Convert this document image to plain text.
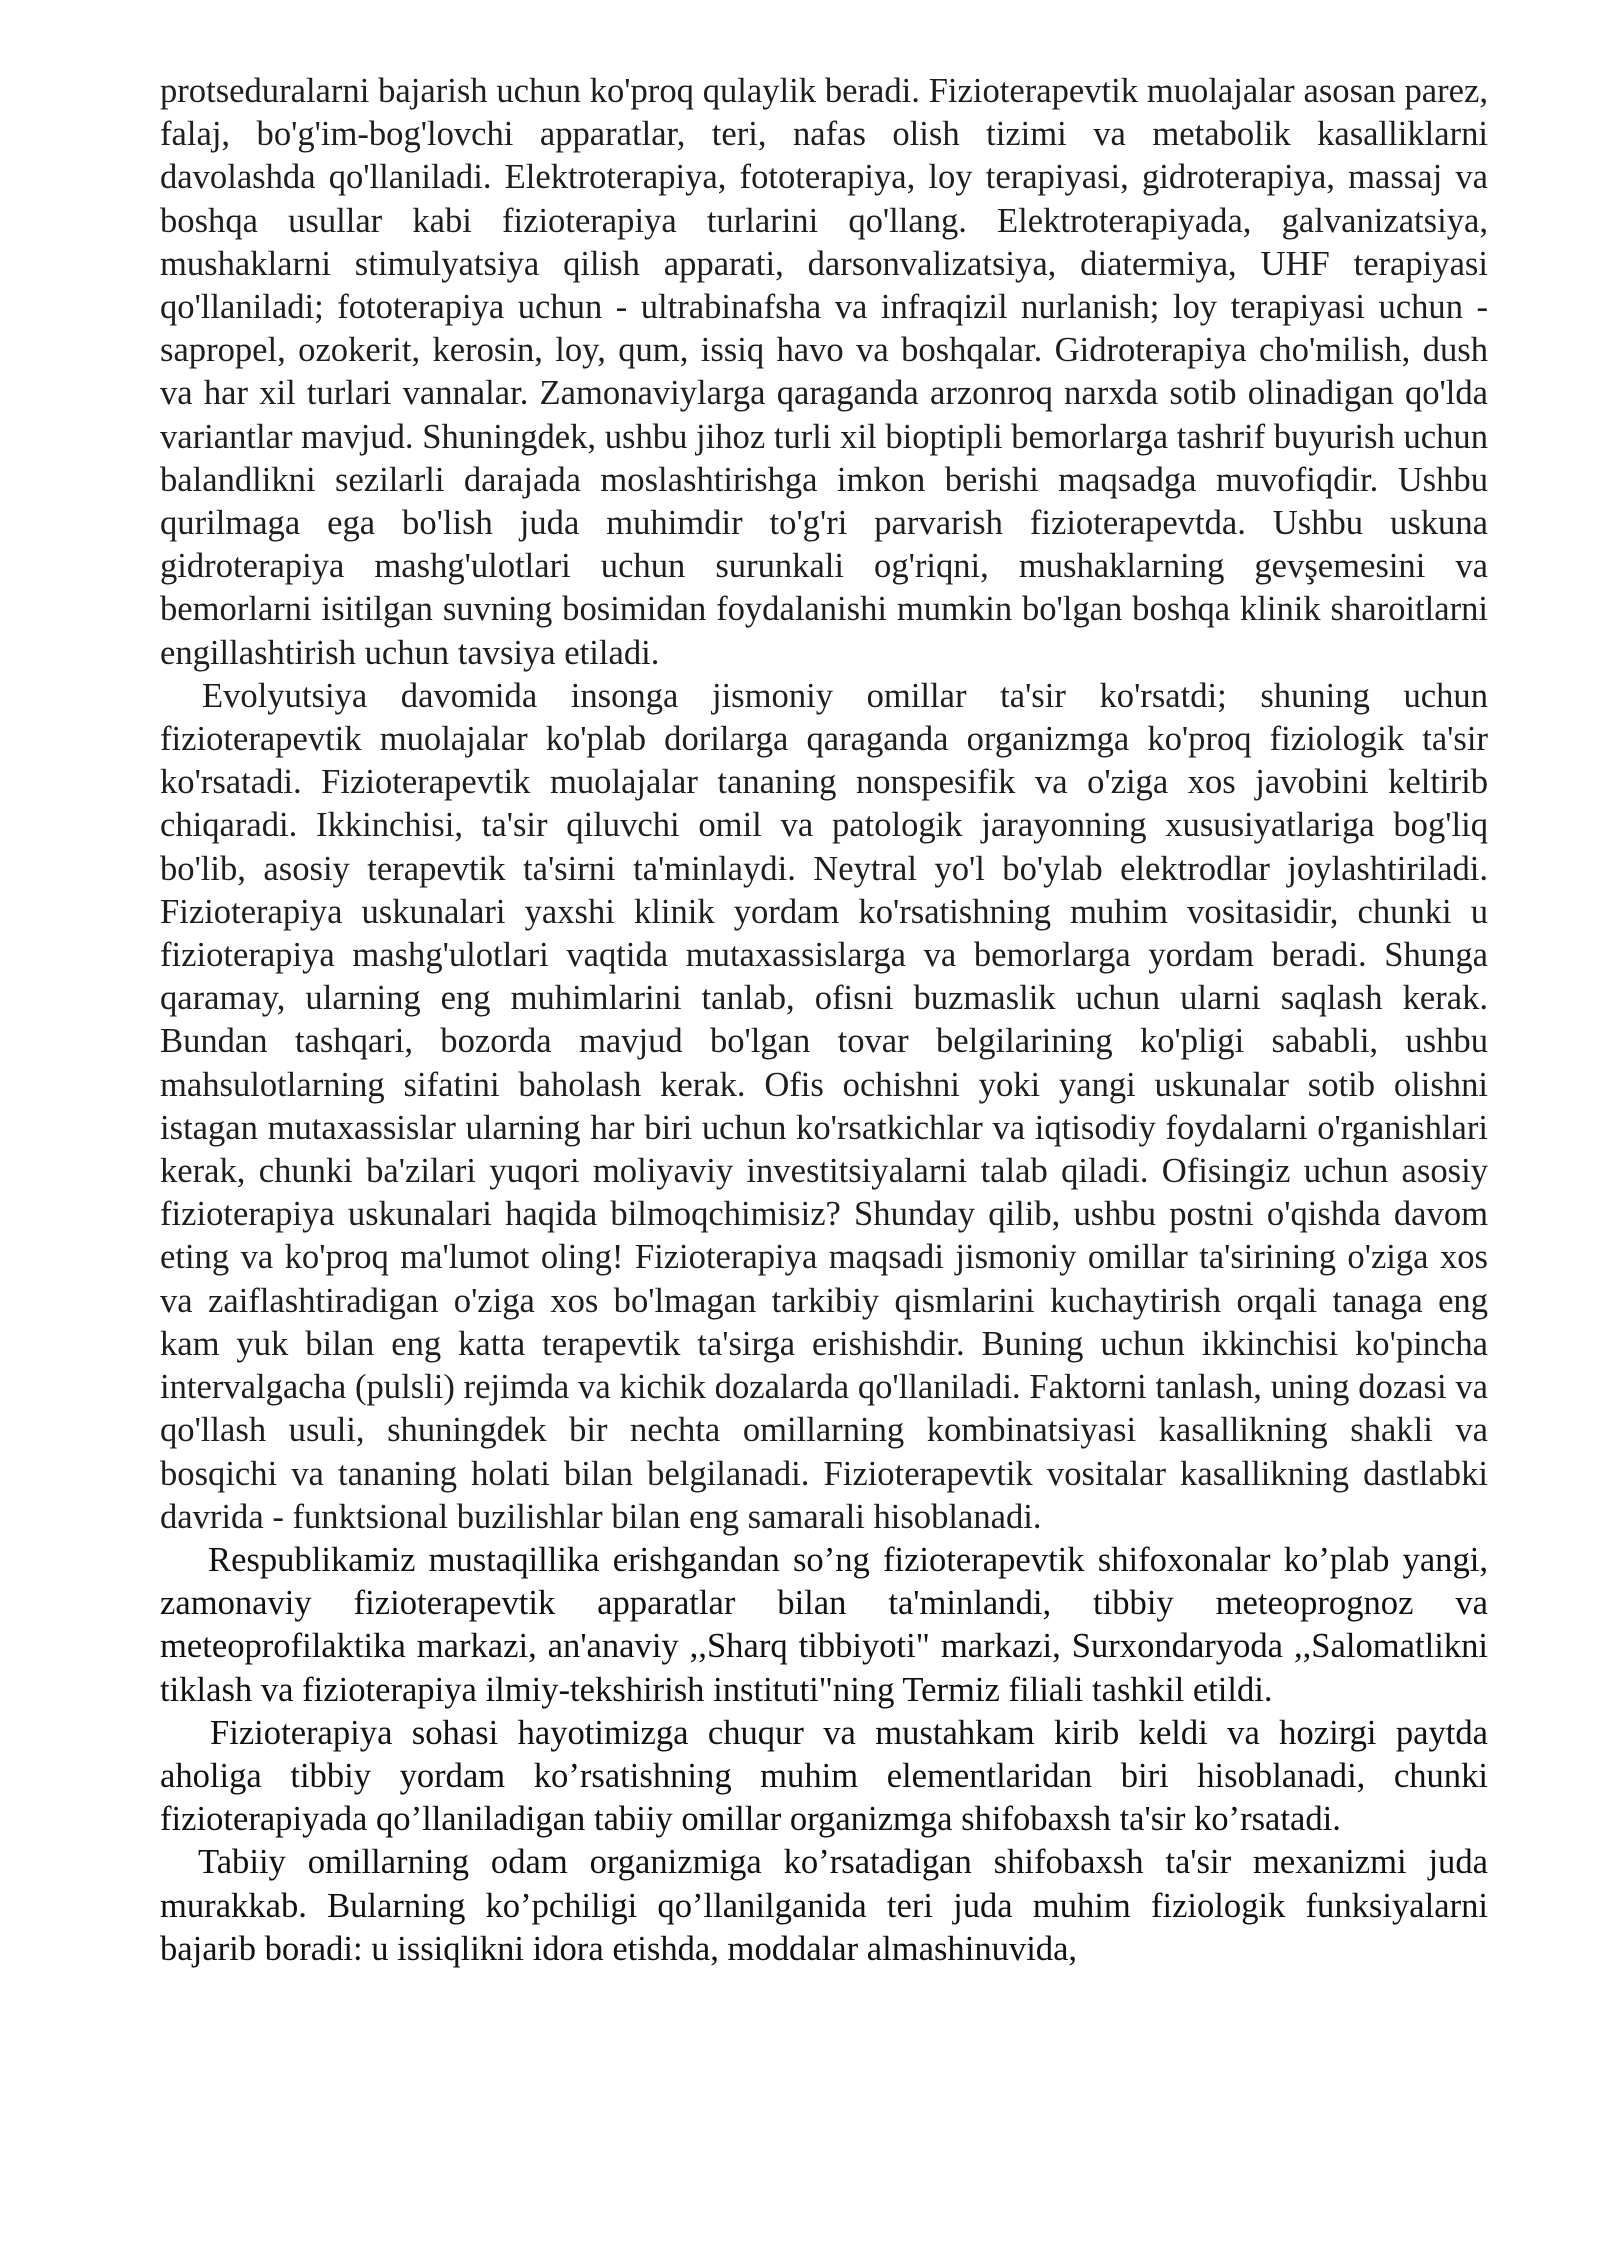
protseduralarni bajarish uchun ko'proq qulaylik beradi. Fizioterapevtik muolajalar asosan parez, falaj, bo'g'im-bog'lovchi apparatlar, teri, nafas olish tizimi va metabolik kasalliklarni davolashda qo'llaniladi. Elektroterapiya, fototerapiya, loy terapiyasi, gidroterapiya, massaj va boshqa usullar kabi fizioterapiya turlarini qo'llang. Elektroterapiyada, galvanizatsiya, mushaklarni stimulyatsiya qilish apparati, darsonvalizatsiya, diatermiya, UHF terapiyasi qo'llaniladi; fototerapiya uchun - ultrabinafsha va infraqizil nurlanish; loy terapiyasi uchun - sapropel, ozokerit, kerosin, loy, qum, issiq havo va boshqalar. Gidroterapiya cho'milish, dush va har xil turlari vannalar. Zamonaviylarga qaraganda arzonroq narxda sotib olinadigan qo'lda variantlar mavjud. Shuningdek, ushbu jihoz turli xil bioptipli bemorlarga tashrif buyurish uchun balandlikni sezilarli darajada moslashtirishga imkon berishi maqsadga muvofiqdir. Ushbu qurilmaga ega bo'lish juda muhimdir to'g'ri parvarish fizioterapevtda. Ushbu uskuna gidroterapiya mashg'ulotlari uchun surunkali og'riqni, mushaklarning gevşemesini va bemorlarni isitilgan suvning bosimidan foydalanishi mumkin bo'lgan boshqa klinik sharoitlarni engillashtirish uchun tavsiya etiladi.

Evolyutsiya davomida insonga jismoniy omillar ta'sir ko'rsatdi; shuning uchun fizioterapevtik muolajalar ko'plab dorilarga qaraganda organizmga ko'proq fiziologik ta'sir ko'rsatadi. Fizioterapevtik muolajalar tananing nonspesifik va o'ziga xos javobini keltirib chiqaradi. Ikkinchisi, ta'sir qiluvchi omil va patologik jarayonning xususiyatlariga bog'liq bo'lib, asosiy terapevtik ta'sirni ta'minlaydi. Neytral yo'l bo'ylab elektrodlar joylashtiriladi. Fizioterapiya uskunalari yaxshi klinik yordam ko'rsatishning muhim vositasidir, chunki u fizioterapiya mashg'ulotlari vaqtida mutaxassislarga va bemorlarga yordam beradi. Shunga qaramay, ularning eng muhimlarini tanlab, ofisni buzmaslik uchun ularni saqlash kerak. Bundan tashqari, bozorda mavjud bo'lgan tovar belgilarining ko'pligi sababli, ushbu mahsulotlarning sifatini baholash kerak. Ofis ochishni yoki yangi uskunalar sotib olishni istagan mutaxassislar ularning har biri uchun ko'rsatkichlar va iqtisodiy foydalarni o'rganishlari kerak, chunki ba'zilari yuqori moliyaviy investitsiyalarni talab qiladi. Ofisingiz uchun asosiy fizioterapiya uskunalari haqida bilmoqchimisiz? Shunday qilib, ushbu postni o'qishda davom eting va ko'proq ma'lumot oling! Fizioterapiya maqsadi jismoniy omillar ta'sirining o'ziga xos va zaiflashtiradigan o'ziga xos bo'lmagan tarkibiy qismlarini kuchaytirish orqali tanaga eng kam yuk bilan eng katta terapevtik ta'sirga erishishdir. Buning uchun ikkinchisi ko'pincha intervalgacha (pulsli) rejimda va kichik dozalarda qo'llaniladi. Faktorni tanlash, uning dozasi va qo'llash usuli, shuningdek bir nechta omillarning kombinatsiyasi kasallikning shakli va bosqichi va tananing holati bilan belgilanadi. Fizioterapevtik vositalar kasallikning dastlabki davrida - funktsional buzilishlar bilan eng samarali hisoblanadi.

Respublikamiz mustaqillika erishgandan so’ng fizioterapevtik shifoxonalar ko’plab yangi, zamonaviy fizioterapevtik apparatlar bilan ta'minlandi, tibbiy meteoprognoz va meteoprofilaktika markazi, an'anaviy ,,Sharq tibbiyoti" markazi, Surxondaryoda ,,Salomatlikni tiklash va fizioterapiya ilmiy-tekshirish instituti"ning Termiz filiali tashkil etildi.

Fizioterapiya sohasi hayotimizga chuqur va mustahkam kirib keldi va hozirgi paytda aholiga tibbiy yordam ko’rsatishning muhim elementlaridan biri hisoblanadi, chunki fizioterapiyada qo’llaniladigan tabiiy omillar organizmga shifobaxsh ta'sir ko’rsatadi.

Tabiiy omillarning odam organizmiga ko’rsatadigan shifobaxsh ta'sir mexanizmi juda murakkab. Bularning ko’pchiligi qo’llanilganida teri juda muhim fiziologik funksiyalarni bajarib boradi: u issiqlikni idora etishda, moddalar almashinuvida,
